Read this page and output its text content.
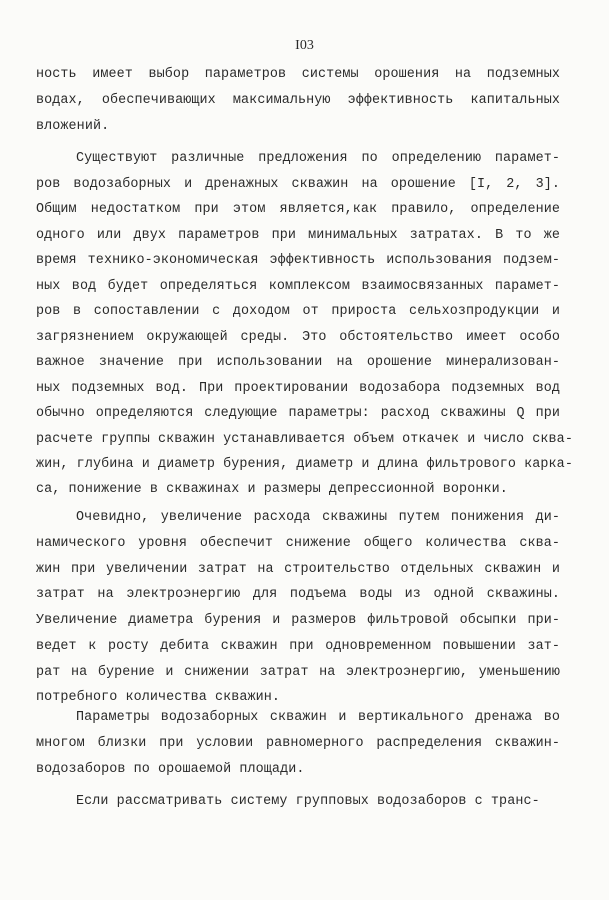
I03
ность имеет выбор параметров системы орошения на подземных
водах, обеспечивающих максимальную эффективность капитальных
вложений.
Существуют различные предложения по определению парамет-
ров водозаборных и дренажных скважин на орошение [I, 2, 3].
Общим недостатком при этом является,как правило, определение
одного или двух параметров при минимальных затратах. В то же
время технико-экономическая эффективность использования подзем-
ных вод будет определяться комплексом взаимосвязанных парамет-
ров в сопоставлении с доходом от прироста сельхозпродукции и
загрязнением окружающей среды. Это обстоятельство имеет особо
важное значение при использовании на орошение минерализован-
ных подземных вод. При проектировании водозабора подземных вод
обычно определяются следующие параметры: расход скважины Q при
расчете группы скважин устанавливается объем откачек и число сква-
жин, глубина и диаметр бурения, диаметр и длина фильтрового карка-
са, понижение в скважинах и размеры депрессионной воронки.
Очевидно, увеличение расхода скважины путем понижения ди-
намического уровня обеспечит снижение общего количества сква-
жин при увеличении затрат на строительство отдельных скважин и
затрат на электроэнергию для подъема воды из одной скважины.
Увеличение диаметра бурения и размеров фильтровой обсыпки при-
ведет к росту дебита скважин при одновременном повышении зат-
рат на бурение и снижении затрат на электроэнергию, уменьшению
потребного количества скважин.
Параметры водозаборных скважин и вертикального дренажа во
многом близки при условии равномерного распределения скважин-
водозаборов по орошаемой площади.
Если рассматривать систему групповых водозаборов с транс-
